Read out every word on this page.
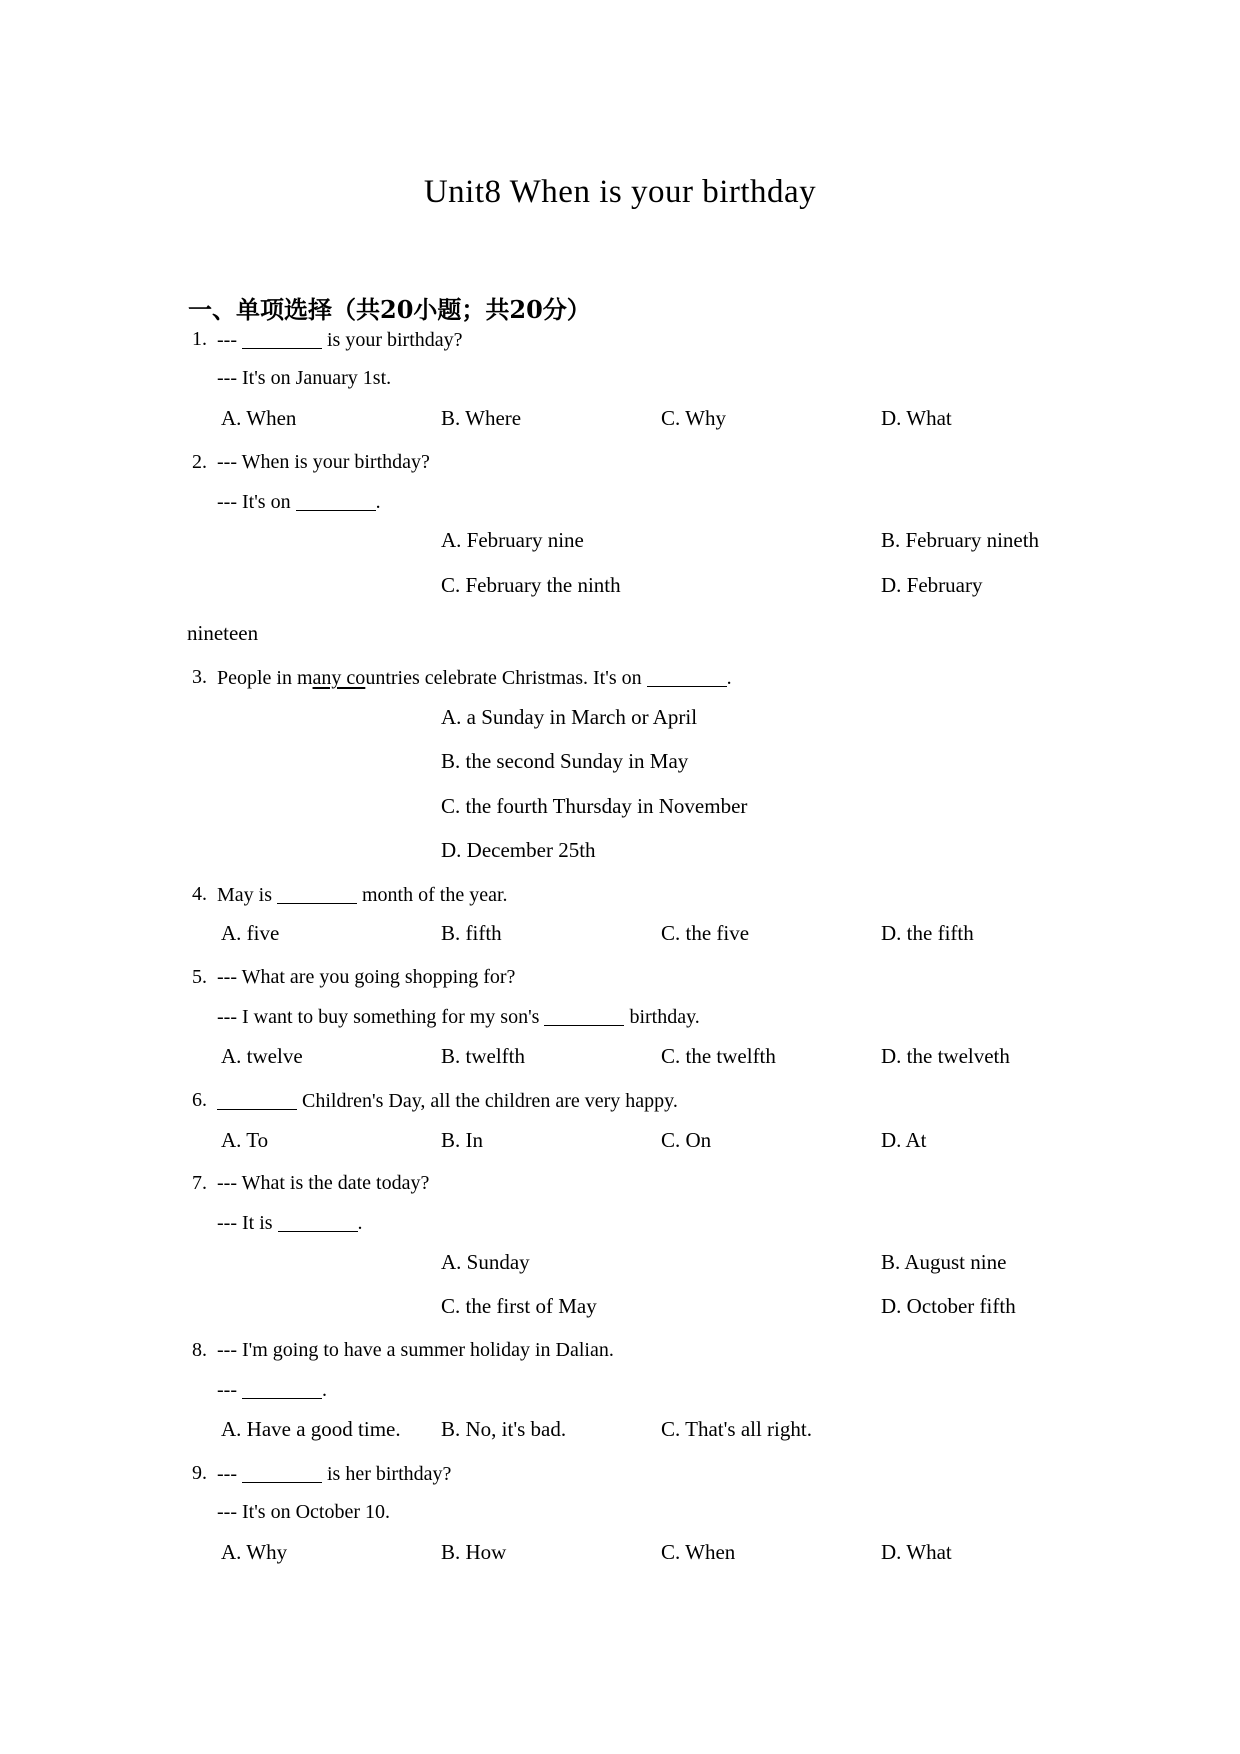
Unit8 When is your birthday
一、单项选择（共20小题；共20分）
1. ---	is your birthday?
--- It's on January 1st.
A. When	B. Where	C. Why	D. What
2. --- When is your birthday?
--- It's on	.
A. February nine	B. February nineth
C. February the ninth	D. February
nineteen
3. People in many countries celebrate Christmas. It's on	.
A. a Sunday in March or April
B. the second Sunday in May
C. the fourth Thursday in November
D. December 25th
4. May is	month of the year.
A. five	B. fifth	C. the five	D. the fifth
5. --- What are you going shopping for?
--- I want to buy something for my son's	birthday.
A. twelve	B. twelfth	C. the twelfth	D. the twelveth
6.	Children's Day, all the children are very happy.
A. To	B. In	C. On	D. At
7. --- What is the date today?
--- It is	.
A. Sunday	B. August nine
C. the first of May	D. October fifth
8. --- I'm going to have a summer holiday in Dalian.
---	.
A. Have a good time. B. No, it's bad.	C. That's all right.
9. ---	is her birthday?
--- It's on October 10.
A. Why	B. How	C. When	D. What
